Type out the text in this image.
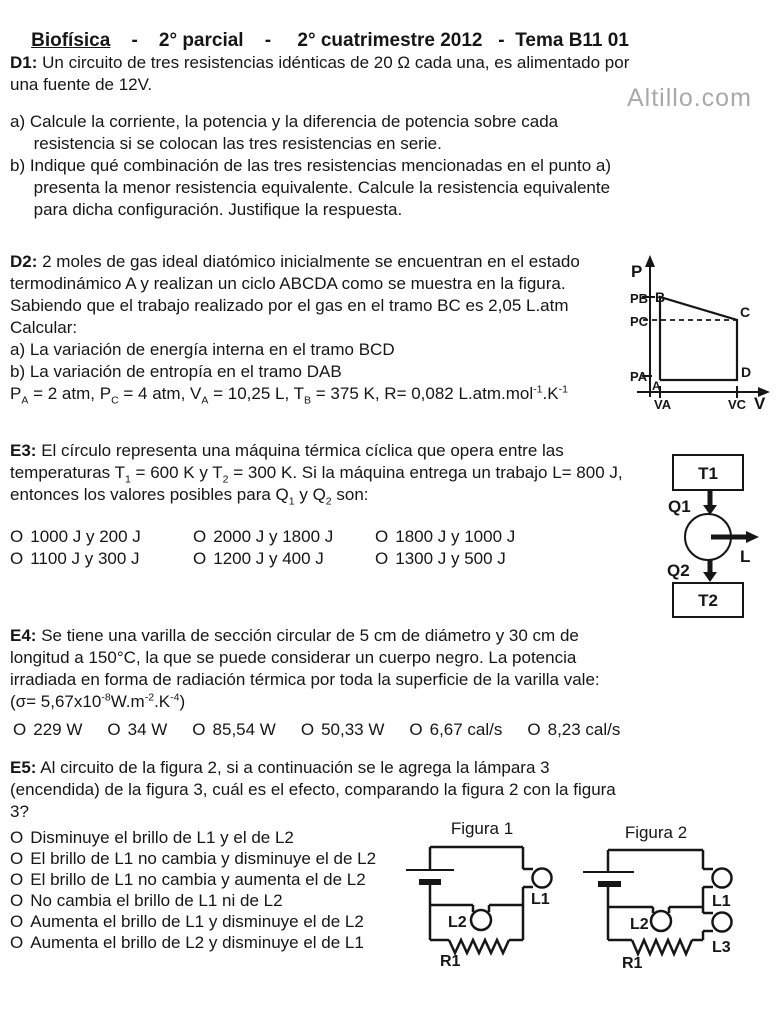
Biofísica    -    2° parcial    -     2° cuatrimestre 2012   -  Tema B11 01

Altillo.com
D1: Un circuito de tres resistencias idénticas de 20 Ω cada una, es alimentado por
una fuente de 12V.
a) Calcule la corriente, la potencia y la diferencia de potencia sobre cada
resistencia si se colocan las tres resistencias en serie.
b) Indique qué combinación de las tres resistencias mencionadas en el punto a)
presenta la menor resistencia equivalente. Calcule la resistencia equivalente
para dicha configuración. Justifique la respuesta.
D2: 2 moles de gas ideal diatómico inicialmente se encuentran en el estado
termodinámico A y realizan un ciclo ABCDA como se muestra en la figura.
Sabiendo que el trabajo realizado por el gas en el tramo BC es 2,05 L.atm
Calcular:
a) La variación de energía interna en el tramo BCD
b) La variación de entropía en el tramo DAB
$P_A = 2$ atm, $P_C = 4$ atm, $V_A = 10,25$ L, $T_B = 375$ K, R= 0,082 $L.atm.mol^{-1}.K^{-1}$
P
V
PB
PC
PA
VA	VC
B
C
D
A
E3: El círculo representa una máquina térmica cíclica que opera entre las
temperaturas $T_1 = 600$ K y $T_2 = 300$ K. Si la máquina entrega un trabajo L= 800 J,
entonces los valores posibles para $Q_1$ y $Q_2$ son:
O 1000 J y 200 J	O 2000 J y 1800 J	O 1800 J y 1000 J
O 1100 J y 300 J	O 1200 J y 400 J	O 1300 J y 500 J
T1
Q1
L
Q2
T2
E4: Se tiene una varilla de sección circular de 5 cm de diámetro y 30 cm de
longitud a 150°C, la que se puede considerar un cuerpo negro. La potencia
irradiada en forma de radiación térmica por toda la superficie de la varilla vale:
$(\sigma= 5,67x10^{-8}W.m^{-2}.K^{-4})$
O 229 W O 34 W O 85,54 W O 50,33 W O 6,67 cal/s O 8,23 cal/s
E5: Al circuito de la figura 2, si a continuación se le agrega la lámpara 3
(encendida) de la figura 3, cuál es el efecto, comparando la figura 2 con la figura
3?
O Disminuye el brillo de L1 y el de L2
O El brillo de L1 no cambia y disminuye el de L2
O El brillo de L1 no cambia y aumenta el de L2
O No cambia el brillo de L1 ni de L2
O Aumenta el brillo de L1 y disminuye el de L2
O Aumenta el brillo de L2 y disminuye el de L1
Figura 1
L1
L2
R1
Figura 2
L1
L2
L3
R1
